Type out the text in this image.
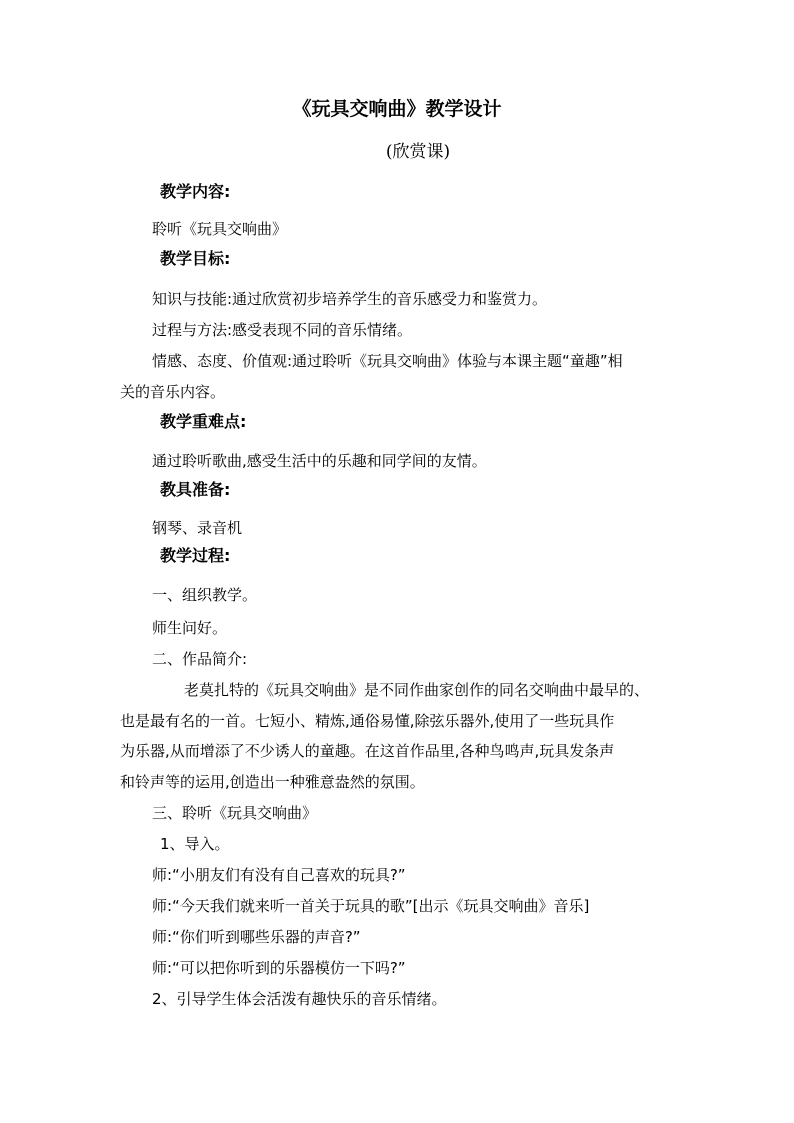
《玩具交响曲》教学设计
(欣赏课)
教学内容:
聆听《玩具交响曲》
教学目标:
知识与技能:通过欣赏初步培养学生的音乐感受力和鉴赏力。
过程与方法:感受表现不同的音乐情绪。
情感、态度、价值观:通过聆听《玩具交响曲》体验与本课主题“童趣”相
关的音乐内容。
教学重难点:
通过聆听歌曲,感受生活中的乐趣和同学间的友情。
教具准备:
钢琴、录音机
教学过程:
一、组织教学。
师生问好。
二、作品简介:
老莫扎特的《玩具交响曲》是不同作曲家创作的同名交响曲中最早的、
也是最有名的一首。七短小、精炼,通俗易懂,除弦乐器外,使用了一些玩具作
为乐器,从而增添了不少诱人的童趣。在这首作品里,各种鸟鸣声,玩具发条声
和铃声等的运用,创造出一种雅意盎然的氛围。
三、聆听《玩具交响曲》
1、导入。
师:“小朋友们有没有自己喜欢的玩具?”
师:“今天我们就来听一首关于玩具的歌”[出示《玩具交响曲》音乐]
师:“你们听到哪些乐器的声音?”
师:“可以把你听到的乐器模仿一下吗?”
2、引导学生体会活泼有趣快乐的音乐情绪。
